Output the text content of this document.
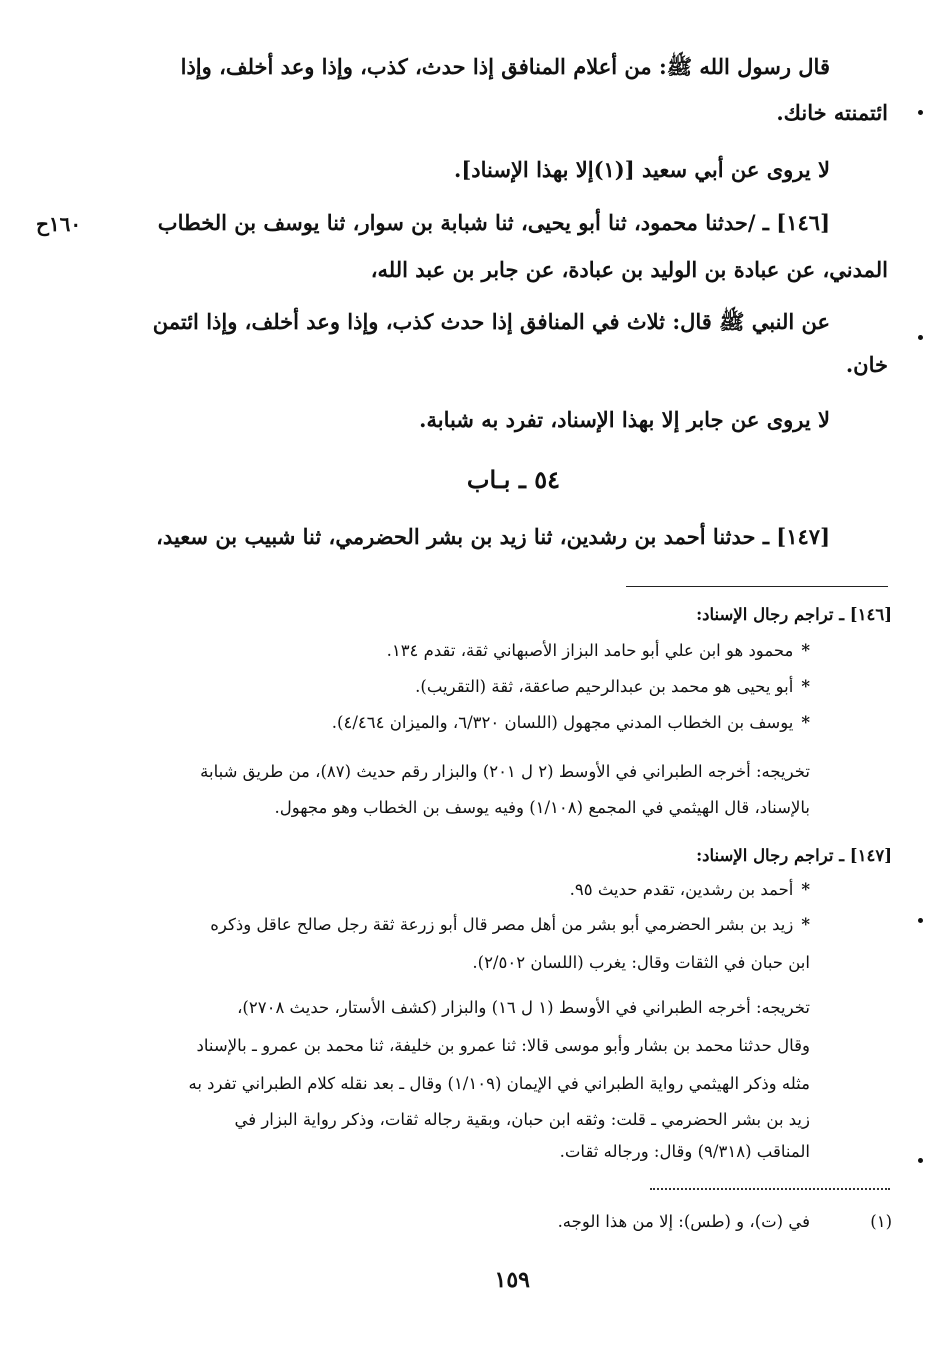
قال رسول الله ﷺ: من أعلام المنافق إذا حدث، كذب، وإذا وعد أخلف، وإذا
ائتمنته خانك.
لا يروى عن أبي سعيد [(١)إلا بهذا الإسناد].
[١٤٦] ـ /حدثنا محمود، ثنا أبو يحيى، ثنا شبابة بن سوار، ثنا يوسف بن الخطاب
١٦٠ح
المدني، عن عبادة بن الوليد بن عبادة، عن جابر بن عبد الله،
عن النبي ﷺ قال: ثلاث في المنافق إذا حدث كذب، وإذا وعد أخلف، وإذا ائتمن
خان.
لا يروى عن جابر إلا بهذا الإسناد، تفرد به شبابة.
٥٤ ـ بـاب
[١٤٧] ـ حدثنا أحمد بن رشدين، ثنا زيد بن بشر الحضرمي، ثنا شبيب بن سعيد،
[١٤٦] ـ تراجم رجال الإسناد:
*محمود هو ابن علي أبو حامد البزاز الأصبهاني ثقة، تقدم ١٣٤.
*أبو يحيى هو محمد بن عبدالرحيم صاعقة، ثقة (التقريب).
*يوسف بن الخطاب المدني مجهول (اللسان ٦/٣٢٠، والميزان ٤/٤٦٤).
تخريجه: أخرجه الطبراني في الأوسط (٢ ل ٢٠١) والبزار رقم حديث (٨٧)، من طريق شبابة
بالإسناد، قال الهيثمي في المجمع (١/١٠٨) وفيه يوسف بن الخطاب وهو مجهول.
[١٤٧] ـ تراجم رجال الإسناد:
*أحمد بن رشدين، تقدم حديث ٩٥.
*زيد بن بشر الحضرمي أبو بشر من أهل مصر قال أبو زرعة ثقة رجل صالح عاقل وذكره
ابن حبان في الثقات وقال: يغرب (اللسان ٢/٥٠٢).
تخريجه: أخرجه الطبراني في الأوسط (١ ل ١٦) والبزار (كشف الأستار، حديث ٢٧٠٨)،
وقال حدثنا محمد بن بشار وأبو موسى قالا: ثنا عمرو بن خليفة، ثنا محمد بن عمرو ـ بالإسناد
مثله وذكر الهيثمي رواية الطبراني في الإيمان (١/١٠٩) وقال ـ بعد نقله كلام الطبراني تفرد به
زيد بن بشر الحضرمي ـ قلت: وثقه ابن حبان، وبقية رجاله ثقات، وذكر رواية البزار في
المناقب (٩/٣١٨) وقال: ورجاله ثقات.
(١)
في (ت)، و (طس): إلا من هذا الوجه.
١٥٩
